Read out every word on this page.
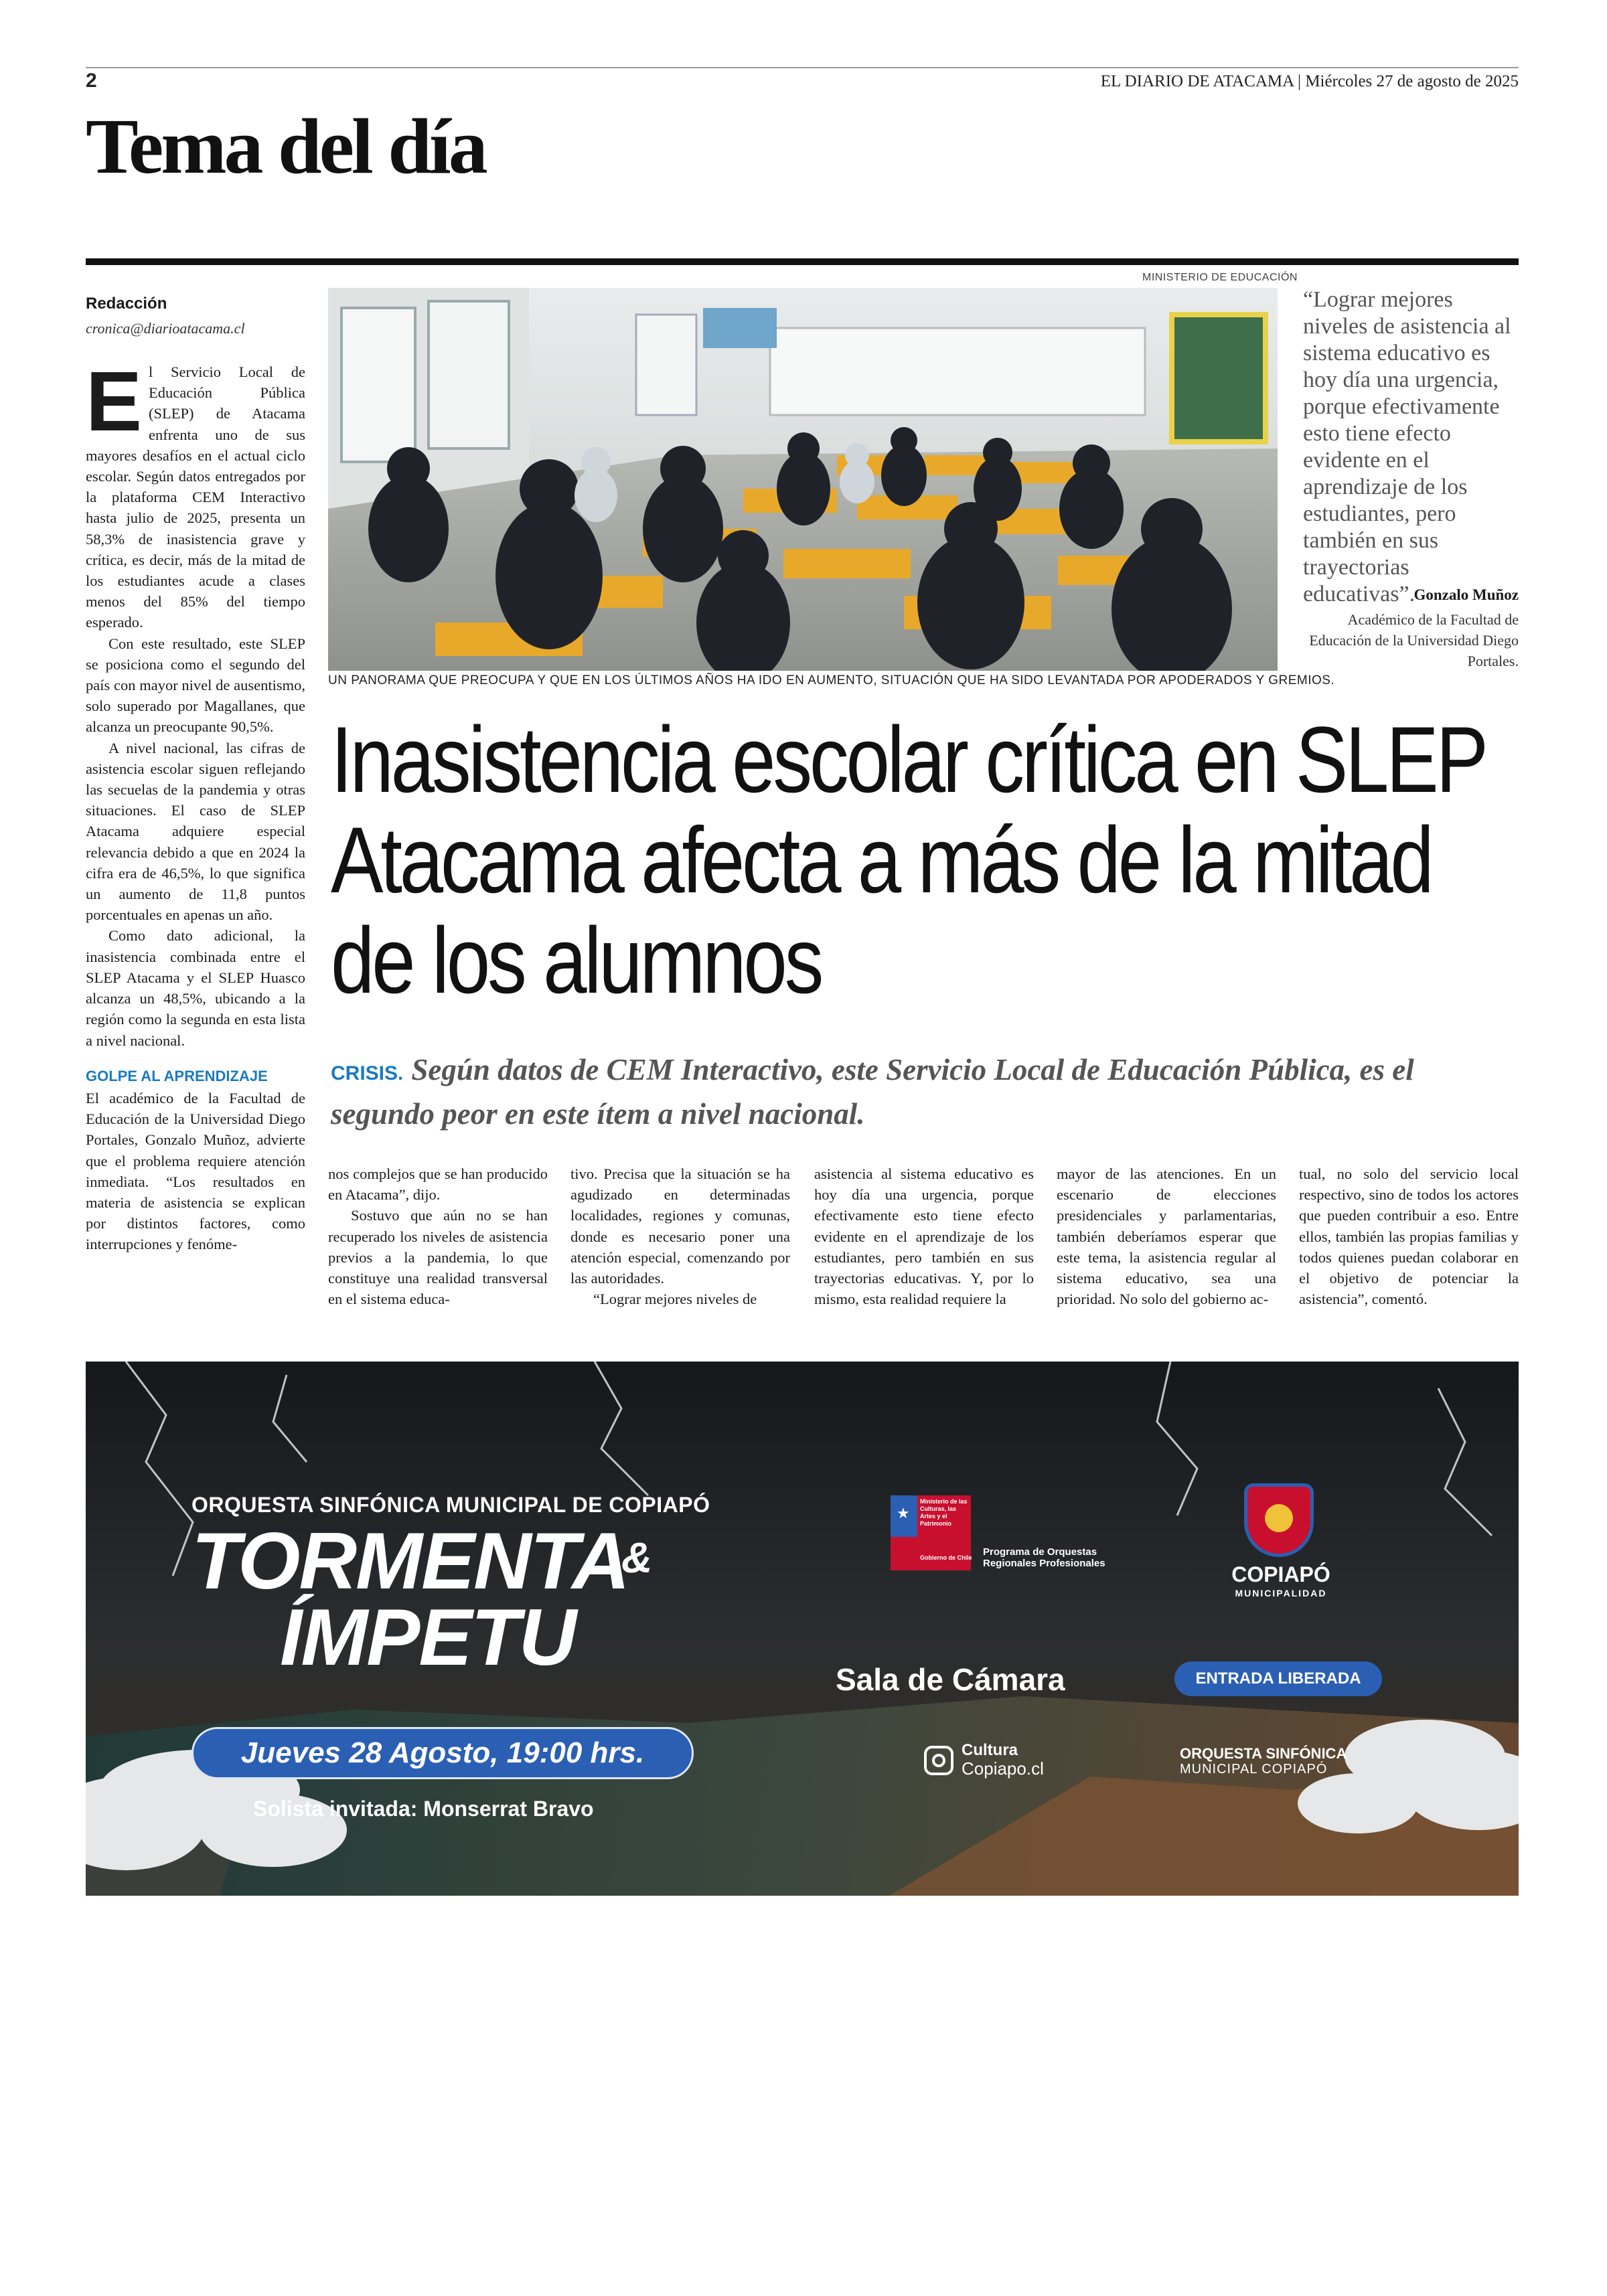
2	EL DIARIO DE ATACAMA | Miércoles 27 de agosto de 2025
Tema del día
Redacción
cronica@diarioatacama.cl

El Servicio Local de Educación Pública (SLEP) de Atacama enfrenta uno de sus mayores desafíos en el actual ciclo escolar. Según datos entregados por la plataforma CEM Interactivo hasta julio de 2025, presenta un 58,3% de inasistencia grave y crítica, es decir, más de la mitad de los estudiantes acude a clases menos del 85% del tiempo esperado.

Con este resultado, este SLEP se posiciona como el segundo del país con mayor nivel de ausentismo, solo superado por Magallanes, que alcanza un preocupante 90,5%.

A nivel nacional, las cifras de asistencia escolar siguen reflejando las secuelas de la pandemia y otras situaciones. El caso de SLEP Atacama adquiere especial relevancia debido a que en 2024 la cifra era de 46,5%, lo que significa un aumento de 11,8 puntos porcentuales en apenas un año.

Como dato adicional, la inasistencia combinada entre el SLEP Atacama y el SLEP Huasco alcanza un 48,5%, ubicando a la región como la segunda en esta lista a nivel nacional.

GOLPE AL APRENDIZAJE

El académico de la Facultad de Educación de la Universidad Diego Portales, Gonzalo Muñoz, advierte que el problema requiere atención inmediata. “Los resultados en materia de asistencia se explican por distintos factores, como interrupciones y fenóme-

MINISTERIO DE EDUCACIÓN
UN PANORAMA QUE PREOCUPA Y QUE EN LOS ÚLTIMOS AÑOS HA IDO EN AUMENTO, SITUACIÓN QUE HA SIDO LEVANTADA POR APODERADOS Y GREMIOS.
“Lograr mejores niveles de asistencia al sistema educativo es hoy día una urgencia, porque efectivamente esto tiene efecto evidente en el aprendizaje de los estudiantes, pero también en sus trayectorias educativas”.
Gonzalo Muñoz
Académico de la Facultad de Educación de la Universidad Diego Portales.
Inasistencia escolar crítica en SLEP Atacama afecta a más de la mitad de los alumnos
CRISIS. Según datos de CEM Interactivo, este Servicio Local de Educación Pública, es el segundo peor en este ítem a nivel nacional.

nos complejos que se han producido en Atacama”, dijo.

Sostuvo que aún no se han recuperado los niveles de asistencia previos a la pandemia, lo que constituye una realidad transversal en el sistema educa-

tivo. Precisa que la situación se ha agudizado en determinadas localidades, regiones y comunas, donde es necesario poner una atención especial, comenzando por las autoridades.

“Lograr mejores niveles de

asistencia al sistema educativo es hoy día una urgencia, porque efectivamente esto tiene efecto evidente en el aprendizaje de los estudiantes, pero también en sus trayectorias educativas. Y, por lo mismo, esta realidad requiere la

mayor de las atenciones. En un escenario de elecciones presidenciales y parlamentarias, también deberíamos esperar que este tema, la asistencia regular al sistema educativo, sea una prioridad. No solo del gobierno ac-

tual, no solo del servicio local respectivo, sino de todos los actores que pueden contribuir a eso. Entre ellos, también las propias familias y todos quienes puedan colaborar en el objetivo de potenciar la asistencia”, comentó.

ORQUESTA SINFÓNICA MUNICIPAL DE COPIAPÓ
TORMENTA
&
ÍMPETU
Jueves 28 Agosto, 19:00 hrs.
Solista invitada: Monserrat Bravo
★
Ministerio de las Culturas, las Artes y el Patrimonio
Gobierno de Chile Programa de Orquestas Regionales Profesionales
Sala de Cámara	ENTRADA LIBERADA
COPIAPÓ
MUNICIPALIDAD
Cultura
Copiapo.cl
ORQUESTA SINFÓNICA
MUNICIPAL COPIAPÓ
